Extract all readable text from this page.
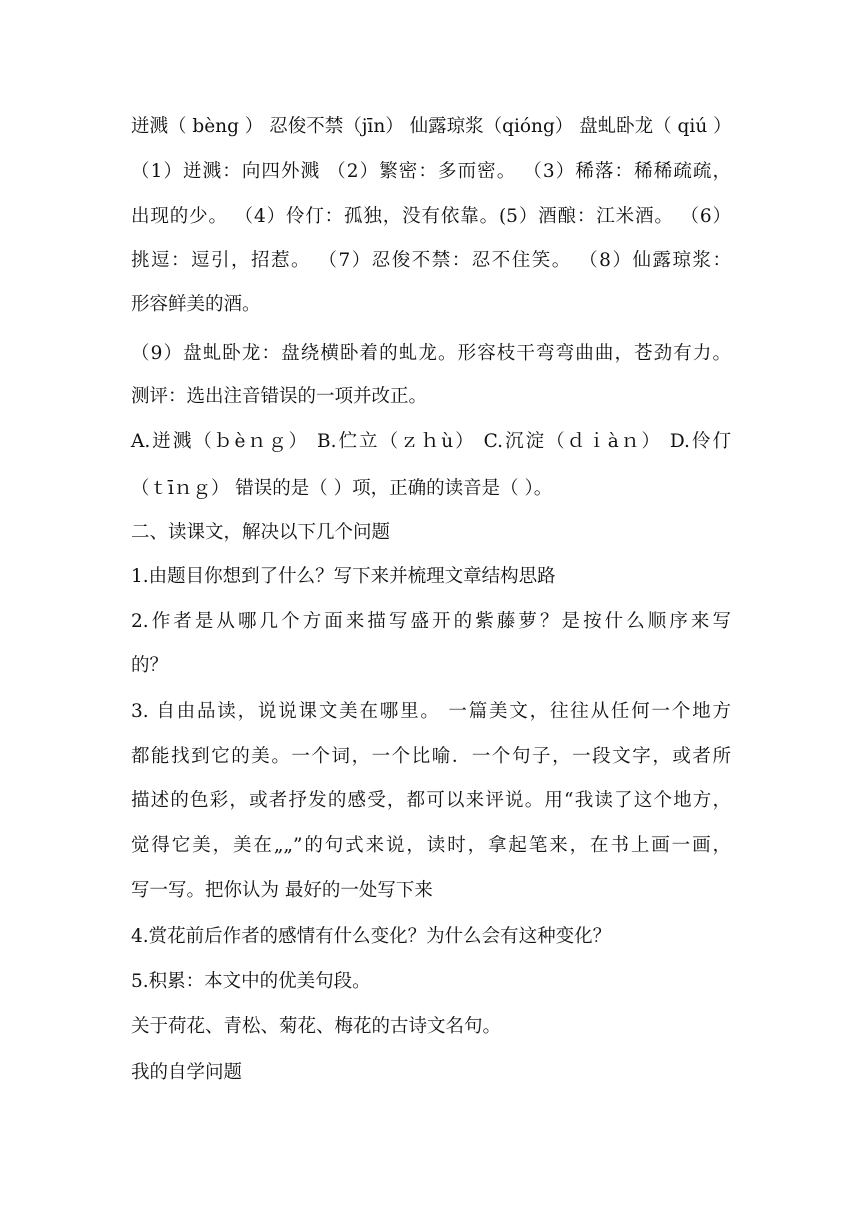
迸溅（ bèng ） 忍俊不禁（jīn） 仙露琼浆（qióng） 盘虬卧龙（ qiú ）
（1）迸溅：向四外溅 （2）繁密：多而密。 （3）稀落：稀稀疏疏，
出现的少。 （4）伶仃：孤独，没有依靠。(5）酒酿：江米酒。 （6）
挑逗：逗引，招惹。 （7）忍俊不禁：忍不住笑。 （8）仙露琼浆：
形容鲜美的酒。
（9）盘虬卧龙：盘绕横卧着的虬龙。形容枝干弯弯曲曲，苍劲有力。
测评：选出注音错误的一项并改正。
A.迸溅（ｂèｎｇ） B.伫立（ｚｈù） C.沉淀（ｄｉàｎ） D.伶仃
（ｔīｎｇ） 错误的是（ ）项，正确的读音是（ ）。
二、读课文，解决以下几个问题
1.由题目你想到了什么？写下来并梳理文章结构思路
2.作者是从哪几个方面来描写盛开的紫藤萝？是按什么顺序来写
的？
3. 自由品读，说说课文美在哪里。 一篇美文，往往从任何一个地方
都能找到它的美。一个词，一个比喻．一个句子，一段文字，或者所
描述的色彩，或者抒发的感受，都可以来评说。用“我读了这个地方，
觉得它美，美在„„”的句式来说，读时，拿起笔来，在书上画一画，
写一写。把你认为 最好的一处写下来
4.赏花前后作者的感情有什么变化？为什么会有这种变化？
5.积累：本文中的优美句段。
关于荷花、青松、菊花、梅花的古诗文名句。
我的自学问题
